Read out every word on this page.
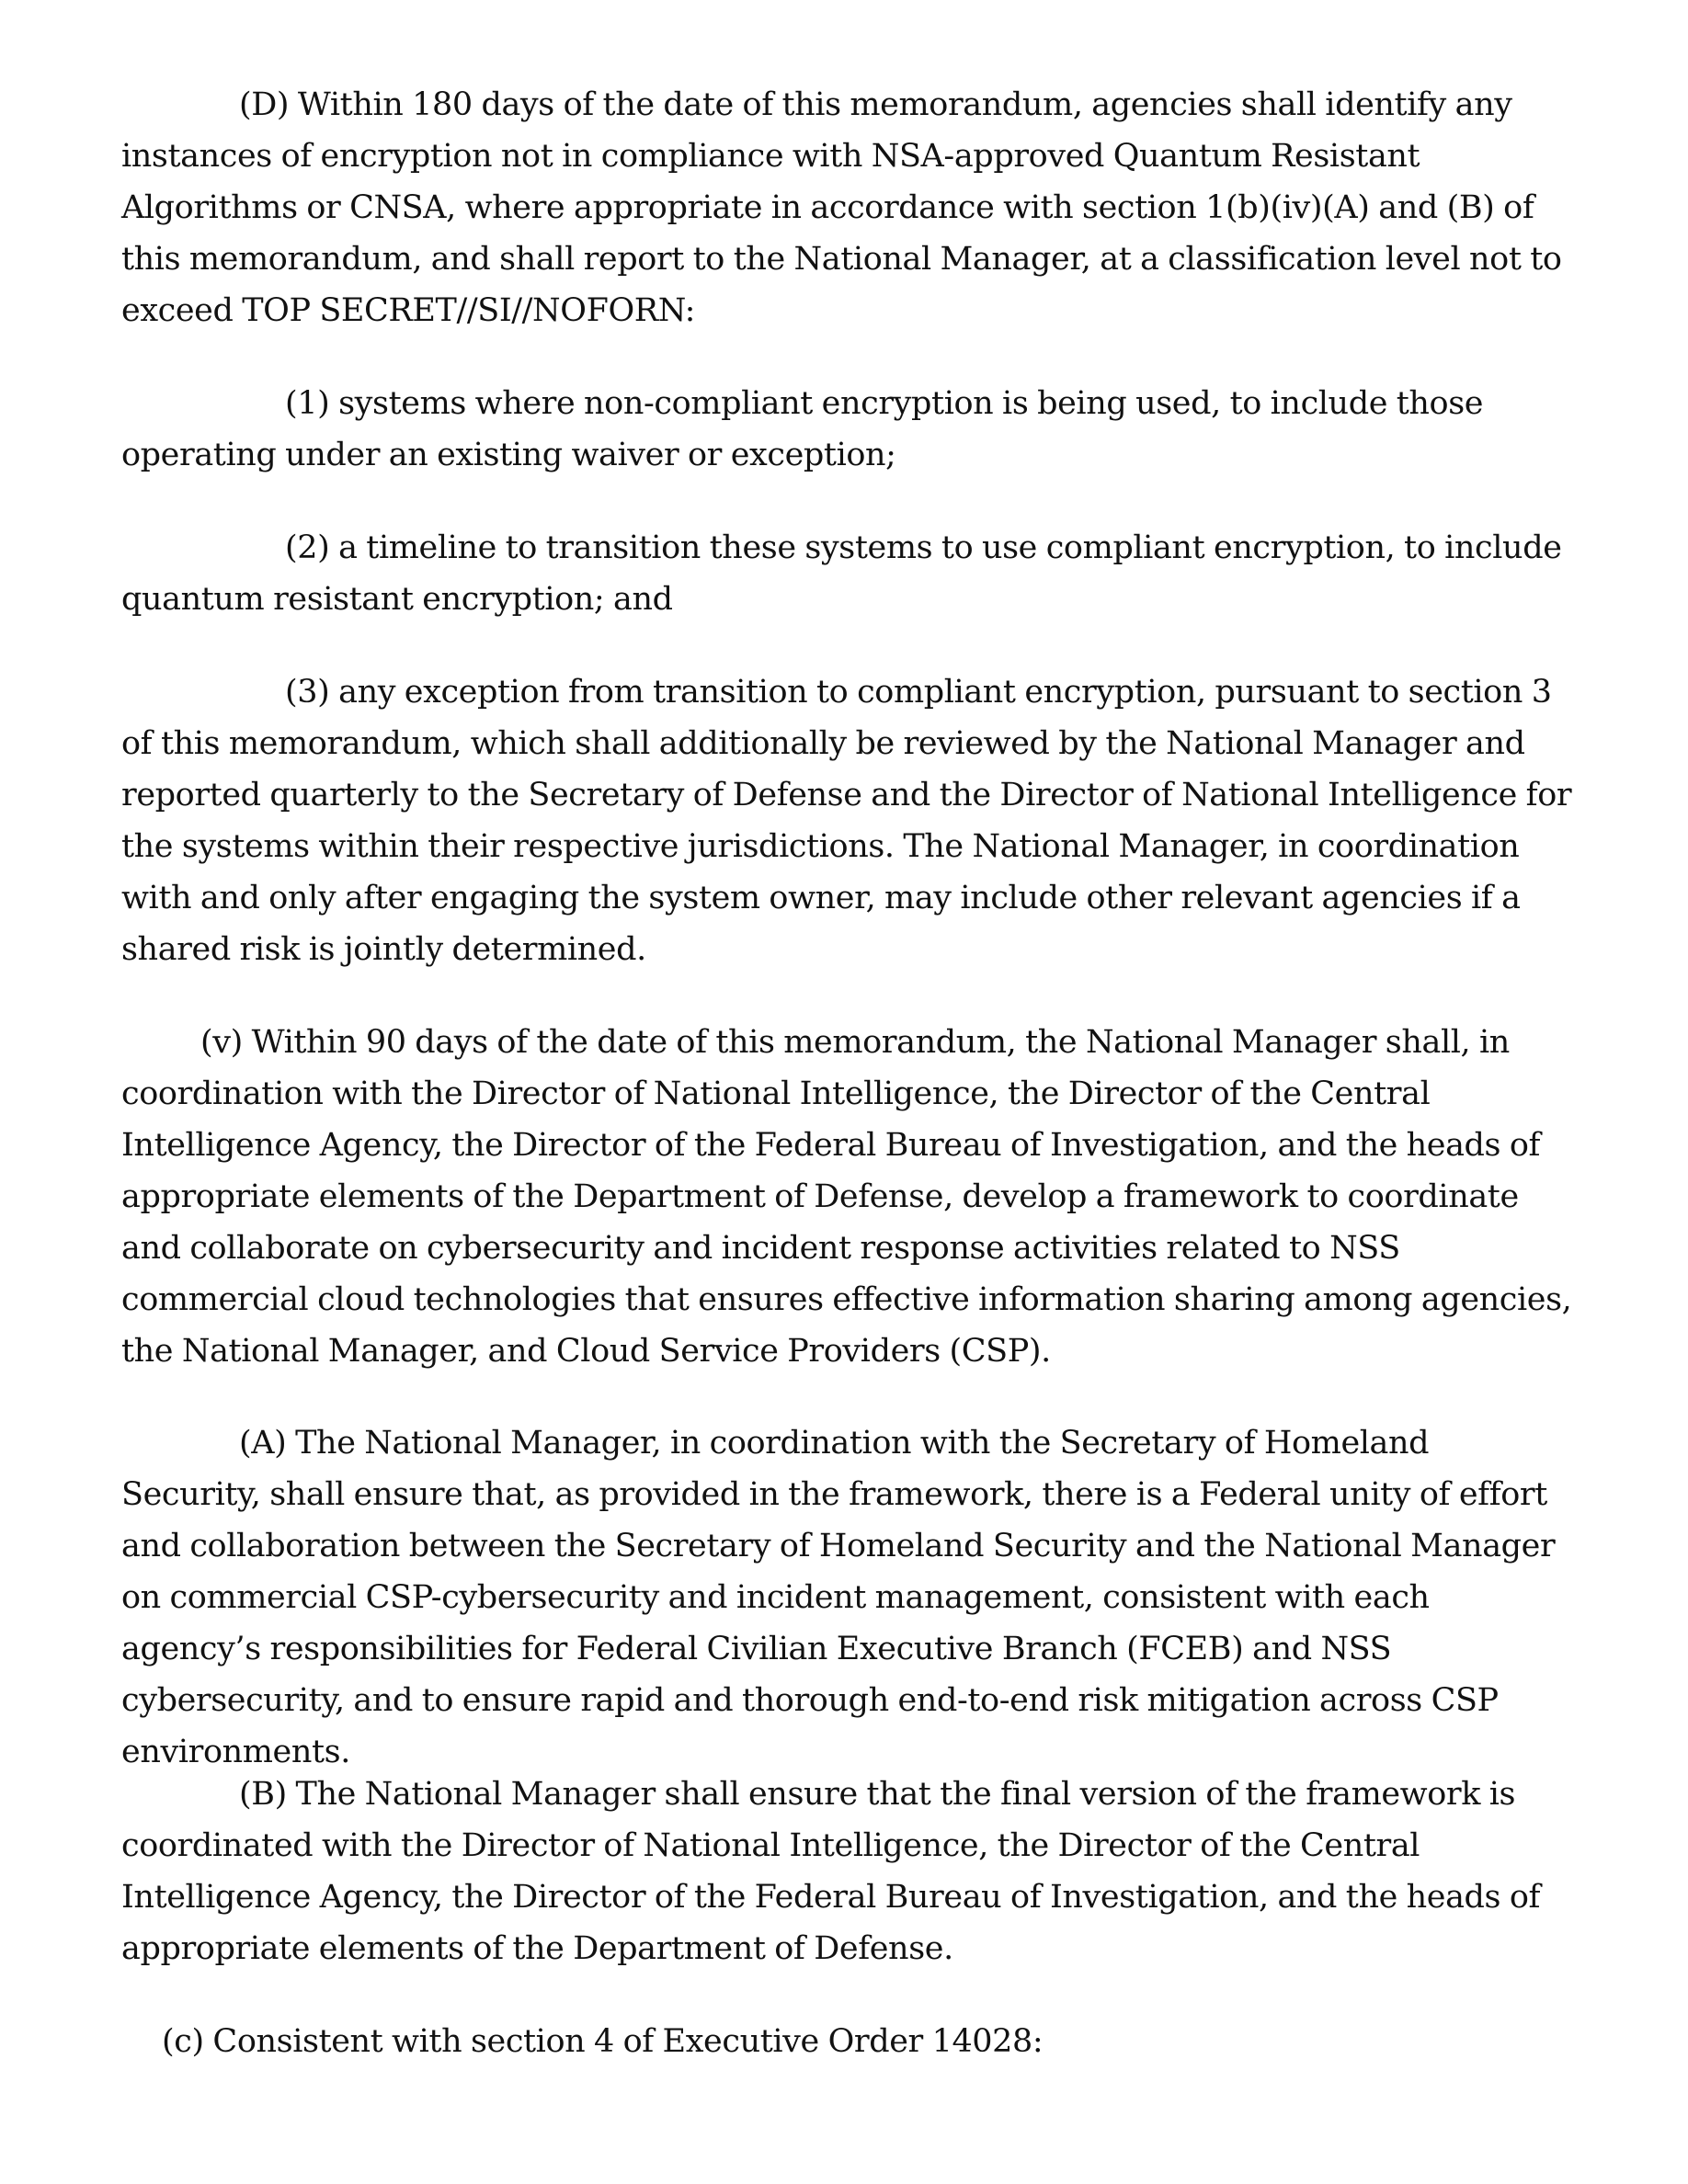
(D) Within 180 days of the date of this memorandum, agencies shall identify any instances of encryption not in compliance with NSA-approved Quantum Resistant Algorithms or CNSA, where appropriate in accordance with section 1(b)(iv)(A) and (B) of this memorandum, and shall report to the National Manager, at a classification level not to exceed TOP SECRET//SI//NOFORN:

(1) systems where non-compliant encryption is being used, to include those operating under an existing waiver or exception;

(2) a timeline to transition these systems to use compliant encryption, to include quantum resistant encryption; and

(3) any exception from transition to compliant encryption, pursuant to section 3 of this memorandum, which shall additionally be reviewed by the National Manager and reported quarterly to the Secretary of Defense and the Director of National Intelligence for the systems within their respective jurisdictions. The National Manager, in coordination with and only after engaging the system owner, may include other relevant agencies if a shared risk is jointly determined.

(v) Within 90 days of the date of this memorandum, the National Manager shall, in coordination with the Director of National Intelligence, the Director of the Central Intelligence Agency, the Director of the Federal Bureau of Investigation, and the heads of appropriate elements of the Department of Defense, develop a framework to coordinate and collaborate on cybersecurity and incident response activities related to NSS commercial cloud technologies that ensures effective information sharing among agencies, the National Manager, and Cloud Service Providers (CSP).

(A) The National Manager, in coordination with the Secretary of Homeland Security, shall ensure that, as provided in the framework, there is a Federal unity of effort and collaboration between the Secretary of Homeland Security and the National Manager on commercial CSP-cybersecurity and incident management, consistent with each agency’s responsibilities for Federal Civilian Executive Branch (FCEB) and NSS cybersecurity, and to ensure rapid and thorough end-to-end risk mitigation across CSP environments.

(B) The National Manager shall ensure that the final version of the framework is coordinated with the Director of National Intelligence, the Director of the Central Intelligence Agency, the Director of the Federal Bureau of Investigation, and the heads of appropriate elements of the Department of Defense.

(c) Consistent with section 4 of Executive Order 14028:
